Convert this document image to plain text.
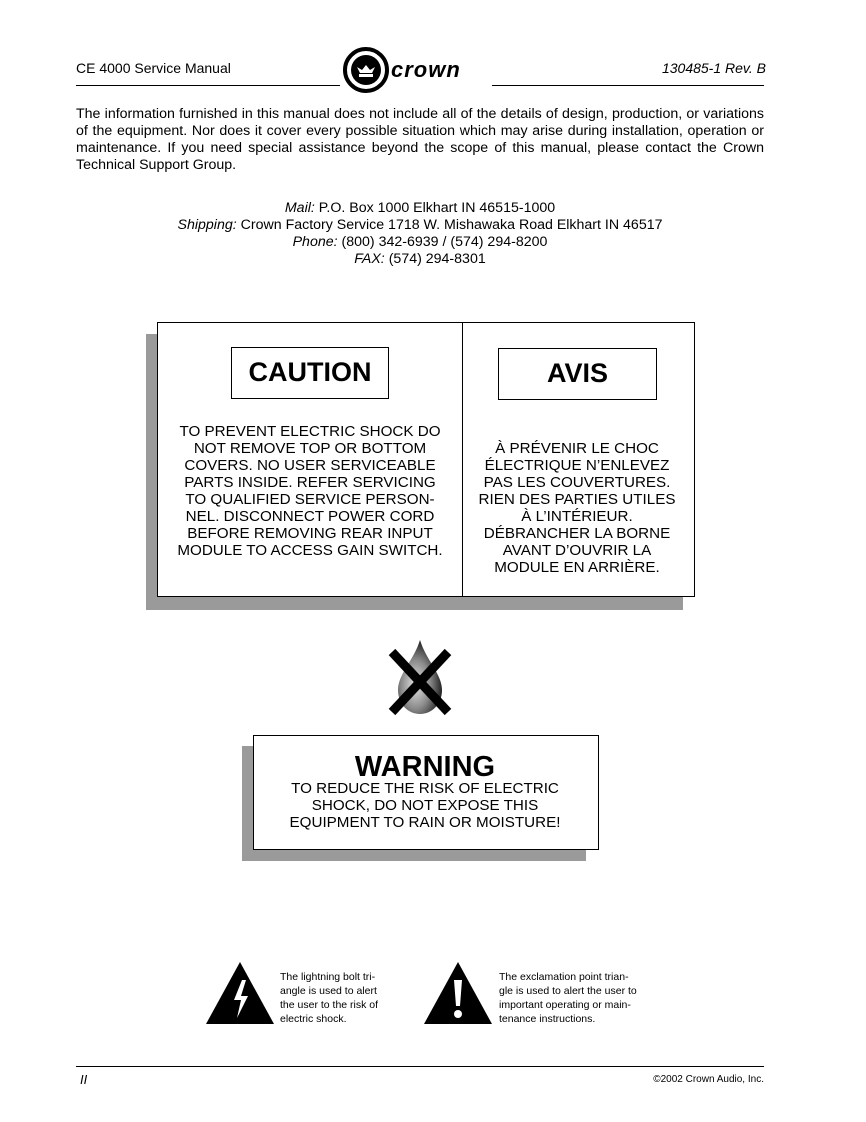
CE 4000 Service Manual	130485-1 Rev. B
crown
The information furnished in this manual does not include all of the details of design, production, or variations of the equipment. Nor does it cover every possible situation which may arise during installation, operation or maintenance. If you need special assistance beyond the scope of this manual, please contact the Crown Technical Support Group.
Mail: P.O. Box 1000 Elkhart IN 46515-1000
Shipping: Crown Factory Service 1718 W. Mishawaka Road Elkhart IN 46517
Phone: (800) 342-6939 / (574) 294-8200
FAX: (574) 294-8301
CAUTION
TO PREVENT ELECTRIC SHOCK DO
NOT REMOVE TOP OR BOTTOM
COVERS. NO USER SERVICEABLE
PARTS INSIDE. REFER SERVICING
TO QUALIFIED SERVICE PERSON-
NEL. DISCONNECT POWER CORD
BEFORE REMOVING REAR INPUT
MODULE TO ACCESS GAIN SWITCH.
AVIS
À PRÉVENIR LE CHOC
ÉLECTRIQUE N’ENLEVEZ
PAS LES COUVERTURES.
RIEN DES PARTIES UTILES
À L’INTÉRIEUR.
DÉBRANCHER LA BORNE
AVANT D’OUVRIR LA
MODULE EN ARRIÈRE.
WARNING
TO REDUCE THE RISK OF ELECTRIC
SHOCK, DO NOT EXPOSE THIS
EQUIPMENT TO RAIN OR MOISTURE!
The lightning bolt tri-
angle is used to alert
the user to the risk of
electric shock.
The exclamation point trian-
gle is used to alert the user to
important operating or main-
tenance instructions.
II	©2002 Crown Audio, Inc.
